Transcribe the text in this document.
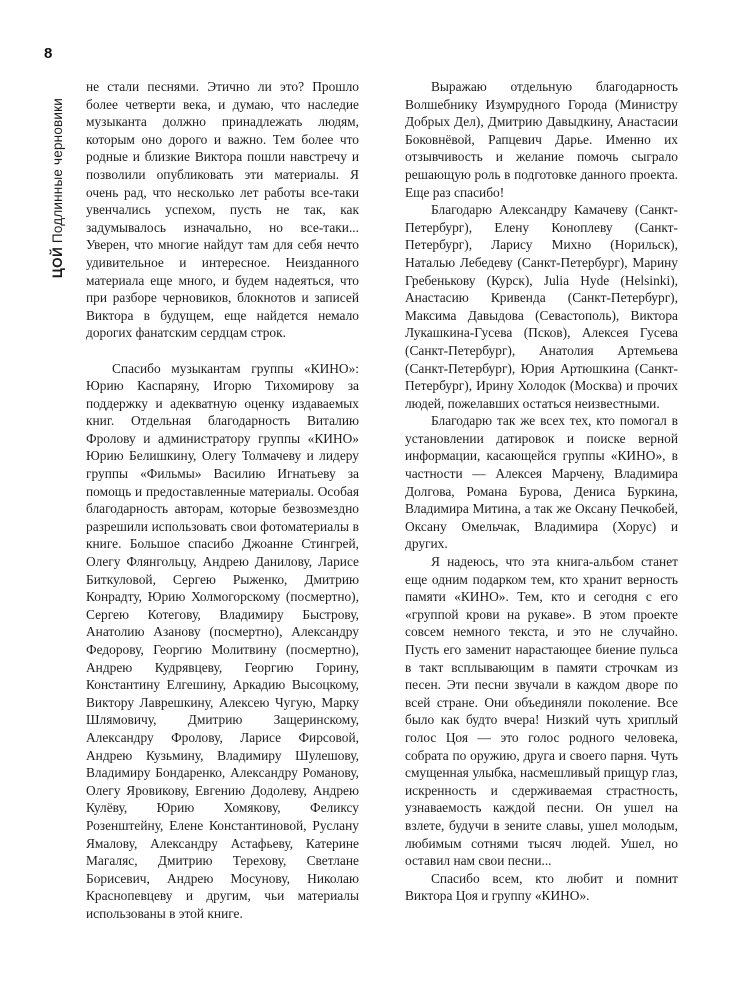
8
ЦОЙ Подлинные черновики

не стали песнями. Этично ли это? Прошло более четверти века, и думаю, что наследие музыканта должно принадлежать людям, которым оно дорого и важно. Тем более что родные и близкие Виктора пошли навстречу и позволили опубликовать эти материалы. Я очень рад, что несколько лет работы все-таки увенчались успехом, пусть не так, как задумывалось изначально, но все-таки... Уверен, что многие найдут там для себя нечто удивительное и интересное. Неизданного материала еще много, и будем надеяться, что при разборе черновиков, блокнотов и записей Виктора в будущем, еще найдется немало дорогих фанатским сердцам строк.

Спасибо музыкантам группы «КИНО»: Юрию Каспаряну, Игорю Тихомирову за поддержку и адекватную оценку издаваемых книг. Отдельная благодарность Виталию Фролову и администратору группы «КИНО» Юрию Белишкину, Олегу Толмачеву и лидеру группы «Фильмы» Василию Игнатьеву за помощь и предоставленные материалы. Особая благодарность авторам, которые безвозмездно разрешили использовать свои фотоматериалы в книге. Большое спасибо Джоанне Стингрей, Олегу Флянгольцу, Андрею Данилову, Ларисе Биткуловой, Сергею Рыженко, Дмитрию Конрадту, Юрию Холмогорскому (посмертно), Сергею Котегову, Владимиру Быстрову, Анатолию Азанову (посмертно), Александру Федорову, Георгию Молитвину (посмертно), Андрею Кудрявцеву, Георгию Горину, Константину Елгешину, Аркадию Высоцкому, Виктору Лаврешкину, Алексею Чугую, Марку Шлямовичу, Дмитрию Защеринскому, Александру Фролову, Ларисе Фирсовой, Андрею Кузьмину, Владимиру Шулешову, Владимиру Бондаренко, Александру Романову, Олегу Яровикову, Евгению Додолеву, Андрею Кулёву, Юрию Хомякову, Феликсу Розенштейну, Елене Константиновой, Руслану Ямалову, Александру Астафьеву, Катерине Магаляс, Дмитрию Терехову, Светлане Борисевич, Андрею Мосунову, Николаю Краснопевцеву и другим, чьи материалы использованы в этой книге.

Выражаю отдельную благодарность Волшебнику Изумрудного Города (Министру Добрых Дел), Дмитрию Давыдкину, Анастасии Боковнёвой, Рапцевич Дарье. Именно их отзывчивость и желание помочь сыграло решающую роль в подготовке данного проекта. Еще раз спасибо!

Благодарю Александру Камачеву (Санкт-Петербург), Елену Коноплеву (Санкт-Петербург), Ларису Михно (Норильск), Наталью Лебедеву (Санкт-Петербург), Марину Гребенькову (Курск), Julia Hyde (Helsinki), Анастасию Кривенда (Санкт-Петербург), Максима Давыдова (Севастополь), Виктора Лукашкина-Гусева (Псков), Алексея Гусева (Санкт-Петербург), Анатолия Артемьева (Санкт-Петербург), Юрия Артюшкина (Санкт-Петербург), Ирину Холодок (Москва) и прочих людей, пожелавших остаться неизвестными.

Благодарю так же всех тех, кто помогал в установлении датировок и поиске верной информации, касающейся группы «КИНО», в частности — Алексея Марчену, Владимира Долгова, Романа Бурова, Дениса Буркина, Владимира Митина, а так же Оксану Печкобей, Оксану Омельчак, Владимира (Хорус) и других.

Я надеюсь, что эта книга-альбом станет еще одним подарком тем, кто хранит верность памяти «КИНО». Тем, кто и сегодня с его «группой крови на рукаве». В этом проекте совсем немного текста, и это не случайно. Пусть его заменит нарастающее биение пульса в такт всплывающим в памяти строчкам из песен. Эти песни звучали в каждом дворе по всей стране. Они объединяли поколение. Все было как будто вчера! Низкий чуть хриплый голос Цоя — это голос родного человека, собрата по оружию, друга и своего парня. Чуть смущенная улыбка, насмешливый прищур глаз, искренность и сдерживаемая страстность, узнаваемость каждой песни. Он ушел на взлете, будучи в зените славы, ушел молодым, любимым сотнями тысяч людей. Ушел, но оставил нам свои песни...

Спасибо всем, кто любит и помнит Виктора Цоя и группу «КИНО».
